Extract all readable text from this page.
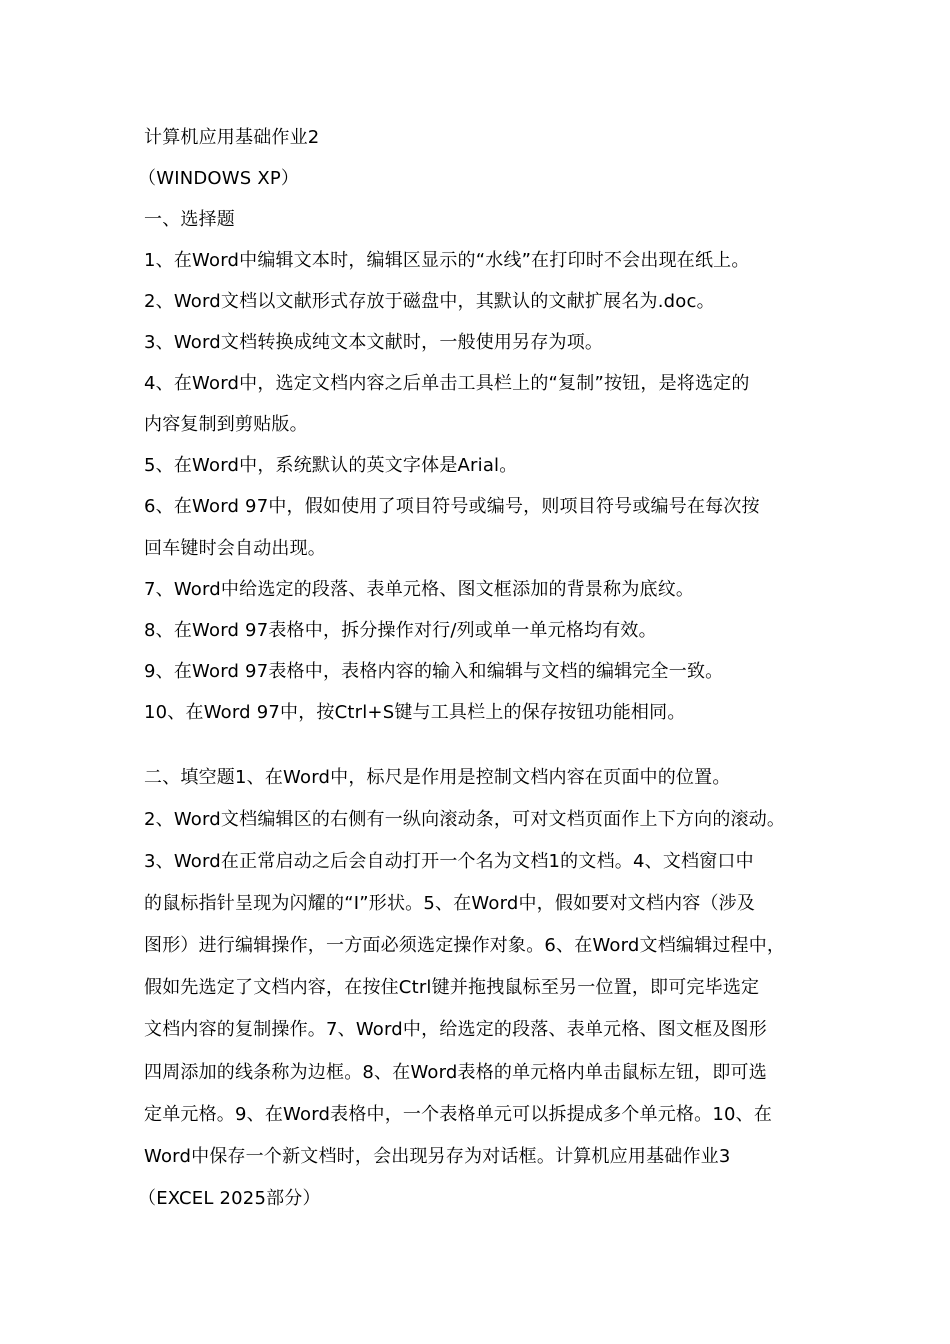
计算机应用基础作业2
（WINDOWS XP）
一、选择题
1、在Word中编辑文本时，编辑区显示的“水线”在打印时不会出现在纸上。
2、Word文档以文献形式存放于磁盘中，其默认的文献扩展名为.doc。
3、Word文档转换成纯文本文献时，一般使用另存为项。
4、在Word中，选定文档内容之后单击工具栏上的“复制”按钮，是将选定的
内容复制到剪贴版。
5、在Word中，系统默认的英文字体是Arial。
6、在Word 97中，假如使用了项目符号或编号，则项目符号或编号在每次按
回车键时会自动出现。
7、Word中给选定的段落、表单元格、图文框添加的背景称为底纹。
8、在Word 97表格中，拆分操作对行/列或单一单元格均有效。
9、在Word 97表格中，表格内容的输入和编辑与文档的编辑完全一致。
10、在Word 97中，按Ctrl+S键与工具栏上的保存按钮功能相同。
二、填空题1、在Word中，标尺是作用是控制文档内容在页面中的位置。
2、Word文档编辑区的右侧有一纵向滚动条，可对文档页面作上下方向的滚动。
3、Word在正常启动之后会自动打开一个名为文档1的文档。4、文档窗口中
的鼠标指针呈现为闪耀的“I”形状。5、在Word中，假如要对文档内容（涉及
图形）进行编辑操作，一方面必须选定操作对象。6、在Word文档编辑过程中，
假如先选定了文档内容，在按住Ctrl键并拖拽鼠标至另一位置，即可完毕选定
文档内容的复制操作。7、Word中，给选定的段落、表单元格、图文框及图形
四周添加的线条称为边框。8、在Word表格的单元格内单击鼠标左钮，即可选
定单元格。9、在Word表格中，一个表格单元可以拆提成多个单元格。10、在
Word中保存一个新文档时，会出现另存为对话框。计算机应用基础作业3
（EXCEL 2025部分）
